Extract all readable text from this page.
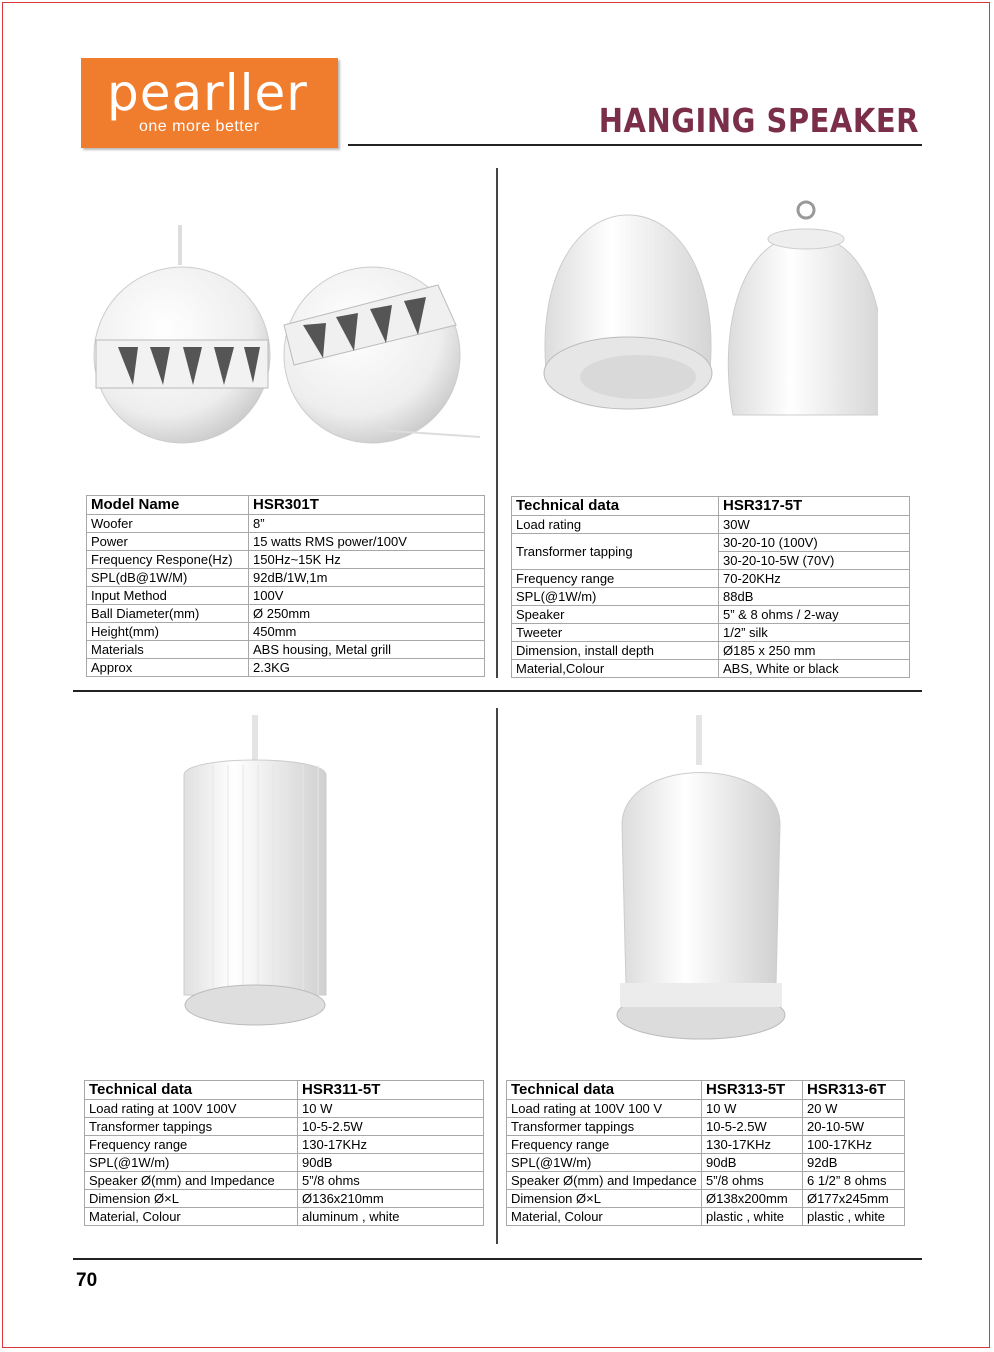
pearller
one more better	HANGING SPEAKER
Model Name	HSR301T
Woofer	8”
Power	15 watts RMS power/100V
Frequency Respone(Hz)	150Hz~15K Hz
SPL(dB@1W/M)	92dB/1W,1m
Input Method	100V
Ball Diameter(mm)	Ø 250mm
Height(mm)	450mm
Materials	ABS housing, Metal grill
Approx	2.3KG
Technical data	HSR317-5T
Load rating	30W
Transformer tapping	30-20-10 (100V)
	30-20-10-5W (70V)
Frequency range	70-20KHz
SPL(@1W/m)	88dB
Speaker	5” & 8 ohms / 2-way
Tweeter	1/2” silk
Dimension, install depth	Ø185 x 250 mm
Material,Colour	ABS, White or black
Technical data	HSR311-5T
Load rating at 100V 100V	10 W
Transformer tappings	10-5-2.5W
Frequency range	130-17KHz
SPL(@1W/m)	90dB
Speaker Ø(mm) and Impedance	5”/8 ohms
Dimension Ø×L	Ø136x210mm
Material, Colour	aluminum , white
Technical data	HSR313-5T	HSR313-6T
Load rating at 100V 100 V	10 W	20 W
Transformer tappings	10-5-2.5W	20-10-5W
Frequency range	130-17KHz	100-17KHz
SPL(@1W/m)	90dB	92dB
Speaker Ø(mm) and Impedance	5”/8 ohms	6 1/2” 8 ohms
Dimension Ø×L	Ø138x200mm	Ø177x245mm
Material, Colour	plastic , white	plastic , white
70
